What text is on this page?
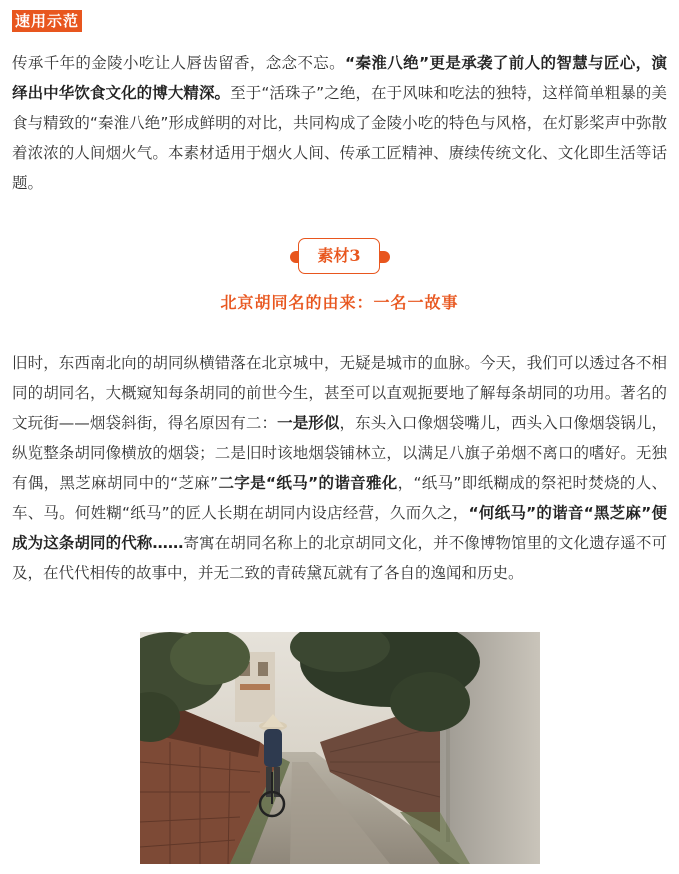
速用示范

传承千年的金陵小吃让人唇齿留香，念念不忘。“秦淮八绝”更是承袭了前人的智慧与匠心，演绎出中华饮食文化的博大精深。至于“活珠子”之绝，在于风味和吃法的独特，这样简单粗暴的美食与精致的“秦淮八绝”形成鲜明的对比，共同构成了金陵小吃的特色与风格，在灯影桨声中弥散着浓浓的人间烟火气。本素材适用于烟火人间、传承工匠精神、赓续传统文化、文化即生活等话题。

素材3
北京胡同名的由来：一名一故事

旧时，东西南北向的胡同纵横错落在北京城中，无疑是城市的血脉。今天，我们可以透过各不相同的胡同名，大概窥知每条胡同的前世今生，甚至可以直观扼要地了解每条胡同的功用。著名的文玩街——烟袋斜街，得名原因有二：一是形似，东头入口像烟袋嘴儿，西头入口像烟袋锅儿，纵览整条胡同像横放的烟袋；二是旧时该地烟袋铺林立，以满足八旗子弟烟不离口的嗜好。无独有偶，黑芝麻胡同中的“芝麻”二字是“纸马”的谐音雅化，“纸马”即纸糊成的祭祀时焚烧的人、车、马。何姓糊“纸马”的匠人长期在胡同内设店经营，久而久之，“何纸马”的谐音“黑芝麻”便成为这条胡同的代称……寄寓在胡同名称上的北京胡同文化，并不像博物馆里的文化遗存遥不可及，在代代相传的故事中，并无二致的青砖黛瓦就有了各自的逸闻和历史。
